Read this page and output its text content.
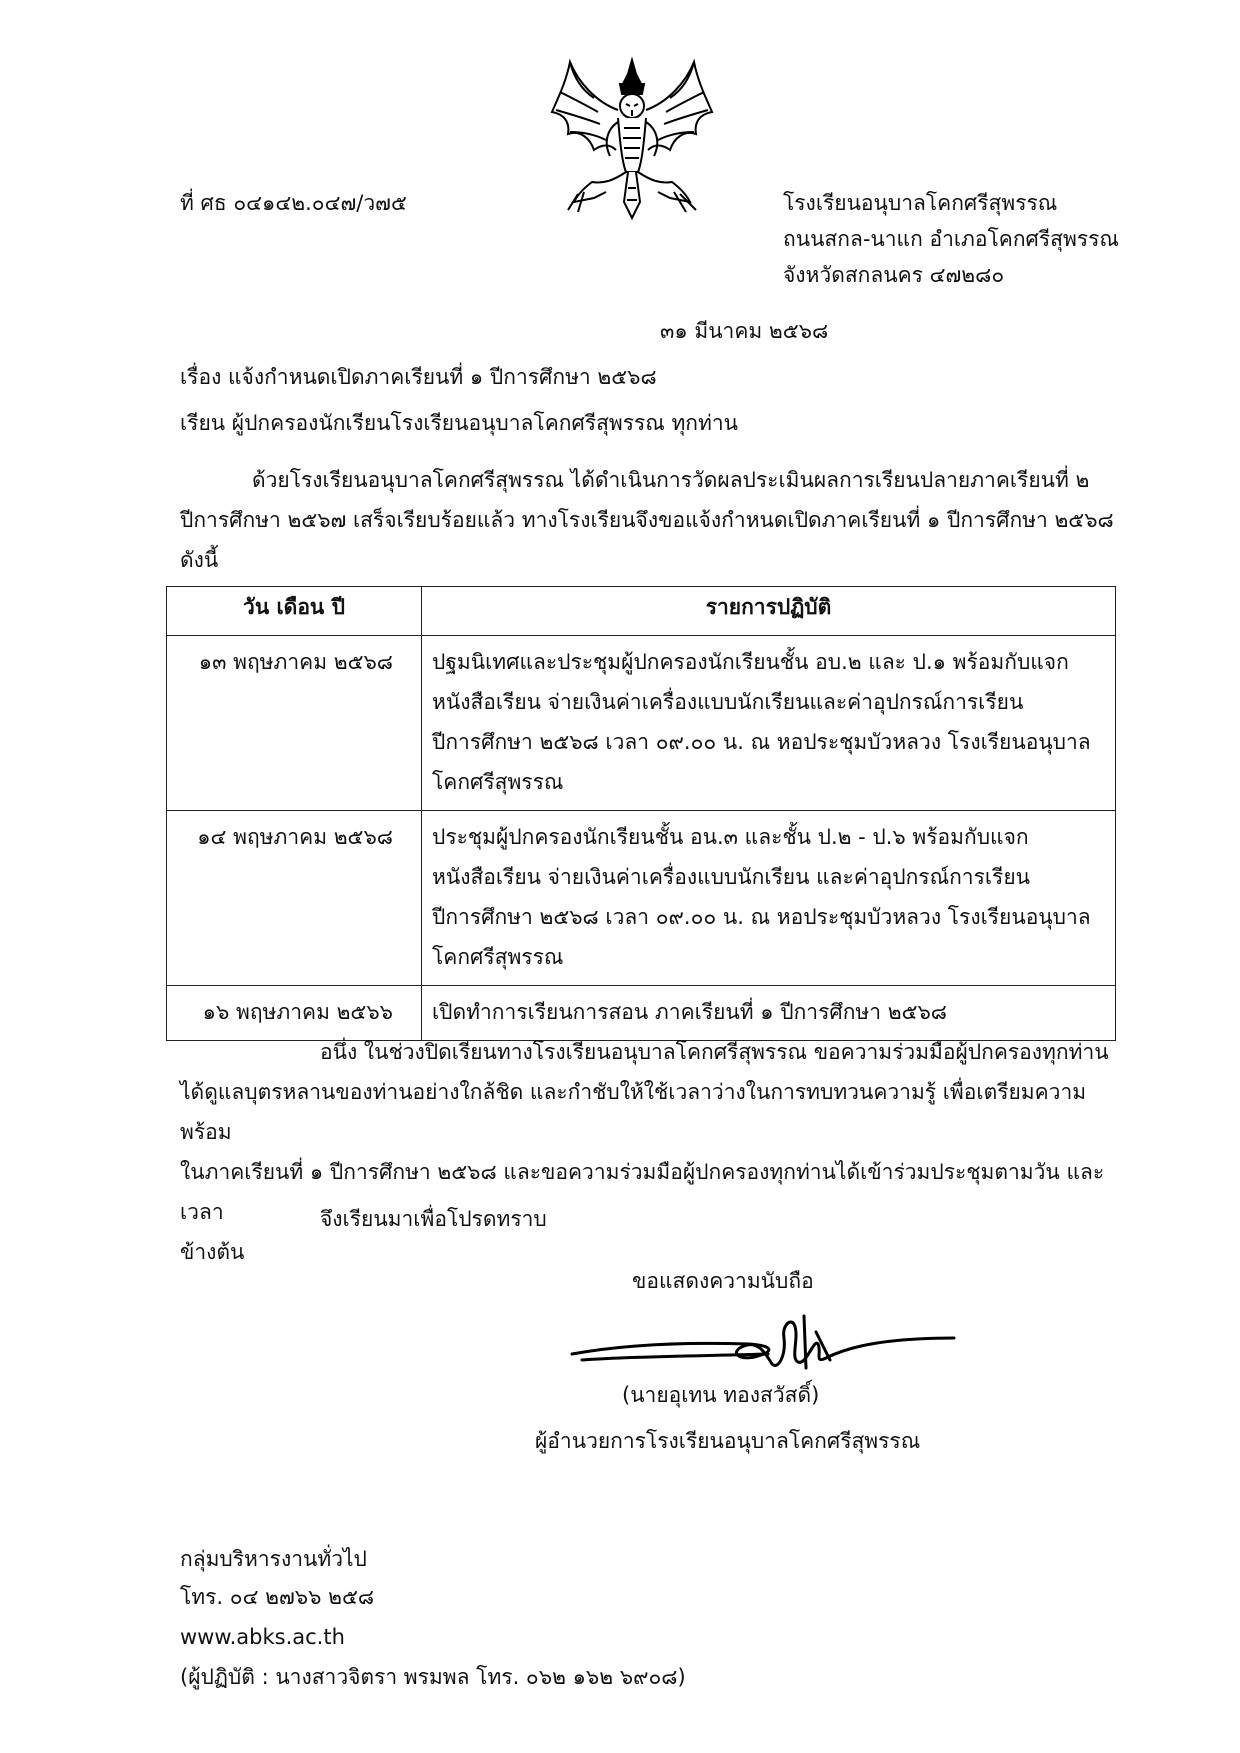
ที่ ศธ ๐๔๑๔๒.๐๔๗/ว๗๕	โรงเรียนอนุบาลโคกศรีสุพรรณ
ถนนสกล-นาแก อำเภอโคกศรีสุพรรณ
จังหวัดสกลนคร ๔๗๒๘๐
๓๑ มีนาคม ๒๕๖๘
เรื่อง แจ้งกำหนดเปิดภาคเรียนที่ ๑ ปีการศึกษา ๒๕๖๘
เรียน ผู้ปกครองนักเรียนโรงเรียนอนุบาลโคกศรีสุพรรณ ทุกท่าน
ด้วยโรงเรียนอนุบาลโคกศรีสุพรรณ ได้ดำเนินการวัดผลประเมินผลการเรียนปลายภาคเรียนที่ ๒
ปีการศึกษา ๒๕๖๗ เสร็จเรียบร้อยแล้ว ทางโรงเรียนจึงขอแจ้งกำหนดเปิดภาคเรียนที่ ๑ ปีการศึกษา ๒๕๖๘
ดังนี้
วัน เดือน ปี	รายการปฏิบัติ
๑๓ พฤษภาคม ๒๕๖๘	ปฐมนิเทศและประชุมผู้ปกครองนักเรียนชั้น อบ.๒ และ ป.๑ พร้อมกับแจก
หนังสือเรียน จ่ายเงินค่าเครื่องแบบนักเรียนและค่าอุปกรณ์การเรียน
ปีการศึกษา ๒๕๖๘ เวลา ๐๙.๐๐ น. ณ หอประชุมบัวหลวง โรงเรียนอนุบาล
โคกศรีสุพรรณ

๑๔ พฤษภาคม ๒๕๖๘	ประชุมผู้ปกครองนักเรียนชั้น อน.๓ และชั้น ป.๒ - ป.๖ พร้อมกับแจก
หนังสือเรียน จ่ายเงินค่าเครื่องแบบนักเรียน และค่าอุปกรณ์การเรียน
ปีการศึกษา ๒๕๖๘ เวลา ๐๙.๐๐ น. ณ หอประชุมบัวหลวง โรงเรียนอนุบาล
โคกศรีสุพรรณ

๑๖ พฤษภาคม ๒๕๖๖	เปิดทำการเรียนการสอน ภาคเรียนที่ ๑ ปีการศึกษา ๒๕๖๘
อนึ่ง ในช่วงปิดเรียนทางโรงเรียนอนุบาลโคกศรีสุพรรณ ขอความร่วมมือผู้ปกครองทุกท่าน
ได้ดูแลบุตรหลานของท่านอย่างใกล้ชิด และกำชับให้ใช้เวลาว่างในการทบทวนความรู้ เพื่อเตรียมความพร้อม
ในภาคเรียนที่ ๑ ปีการศึกษา ๒๕๖๘ และขอความร่วมมือผู้ปกครองทุกท่านได้เข้าร่วมประชุมตามวัน และเวลา
ข้างต้น
จึงเรียนมาเพื่อโปรดทราบ
ขอแสดงความนับถือ
(นายอุเทน ทองสวัสดิ์)
ผู้อำนวยการโรงเรียนอนุบาลโคกศรีสุพรรณ
กลุ่มบริหารงานทั่วไป
โทร. ๐๔ ๒๗๖๖ ๒๕๘
www.abks.ac.th
(ผู้ปฏิบัติ : นางสาวจิตรา พรมพล โทร. ๐๖๒ ๑๖๒ ๖๙๐๘)
